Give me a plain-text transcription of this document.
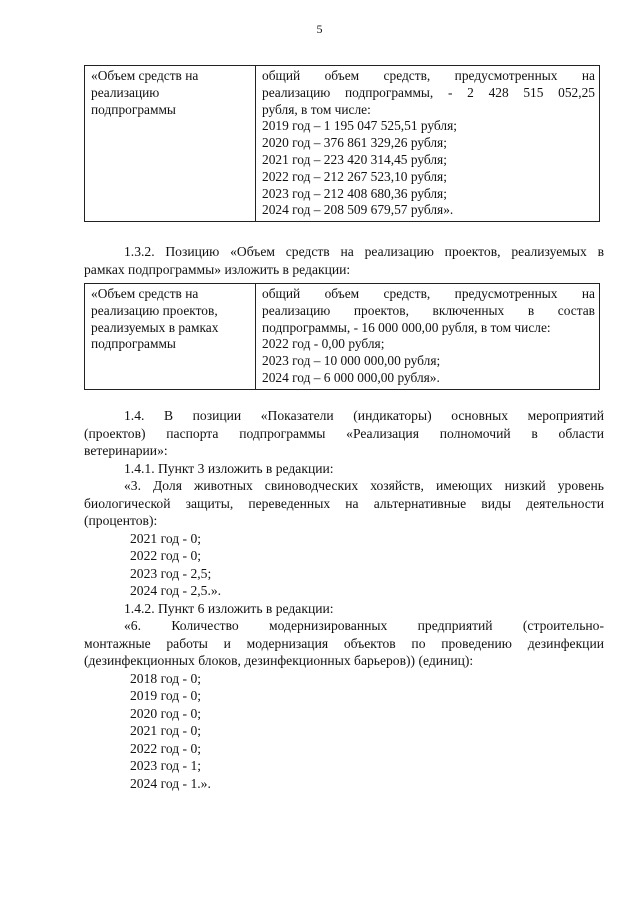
5
«Объем средств на
реализацию
подпрограммы

общий объем средств, предусмотренных на
реализацию подпрограммы, - 2 428 515 052,25
рубля, в том числе:
2019 год – 1 195 047 525,51 рубля;
2020 год – 376 861 329,26 рубля;
2021 год – 223 420 314,45 рубля;
2022 год – 212 267 523,10 рубля;
2023 год – 212 408 680,36 рубля;
2024 год – 208 509 679,57 рубля».

1.3.2. Позицию «Объем средств на реализацию проектов, реализуемых в

рамках подпрограммы» изложить в редакции:

«Объем средств на
реализацию проектов,
реализуемых в рамках
подпрограммы

общий объем средств, предусмотренных на
реализацию проектов, включенных в состав
подпрограммы, - 16 000 000,00 рубля, в том числе:
2022 год - 0,00 рубля;
2023 год – 10 000 000,00 рубля;
2024 год – 6 000 000,00 рубля».

1.4. В позиции «Показатели (индикаторы) основных мероприятий

(проектов) паспорта подпрограммы «Реализация полномочий в области

ветеринарии»:

1.4.1. Пункт 3 изложить в редакции:

«3. Доля животных свиноводческих хозяйств, имеющих низкий уровень

биологической защиты, переведенных на альтернативные виды деятельности

(процентов):

2021 год - 0;

2022 год - 0;

2023 год - 2,5;

2024 год - 2,5.».

1.4.2. Пункт 6 изложить в редакции:

«6. Количество модернизированных предприятий (строительно-

монтажные работы и модернизация объектов по проведению дезинфекции

(дезинфекционных блоков, дезинфекционных барьеров)) (единиц):

2018 год - 0;

2019 год - 0;

2020 год - 0;

2021 год - 0;

2022 год - 0;

2023 год - 1;

2024 год - 1.».
